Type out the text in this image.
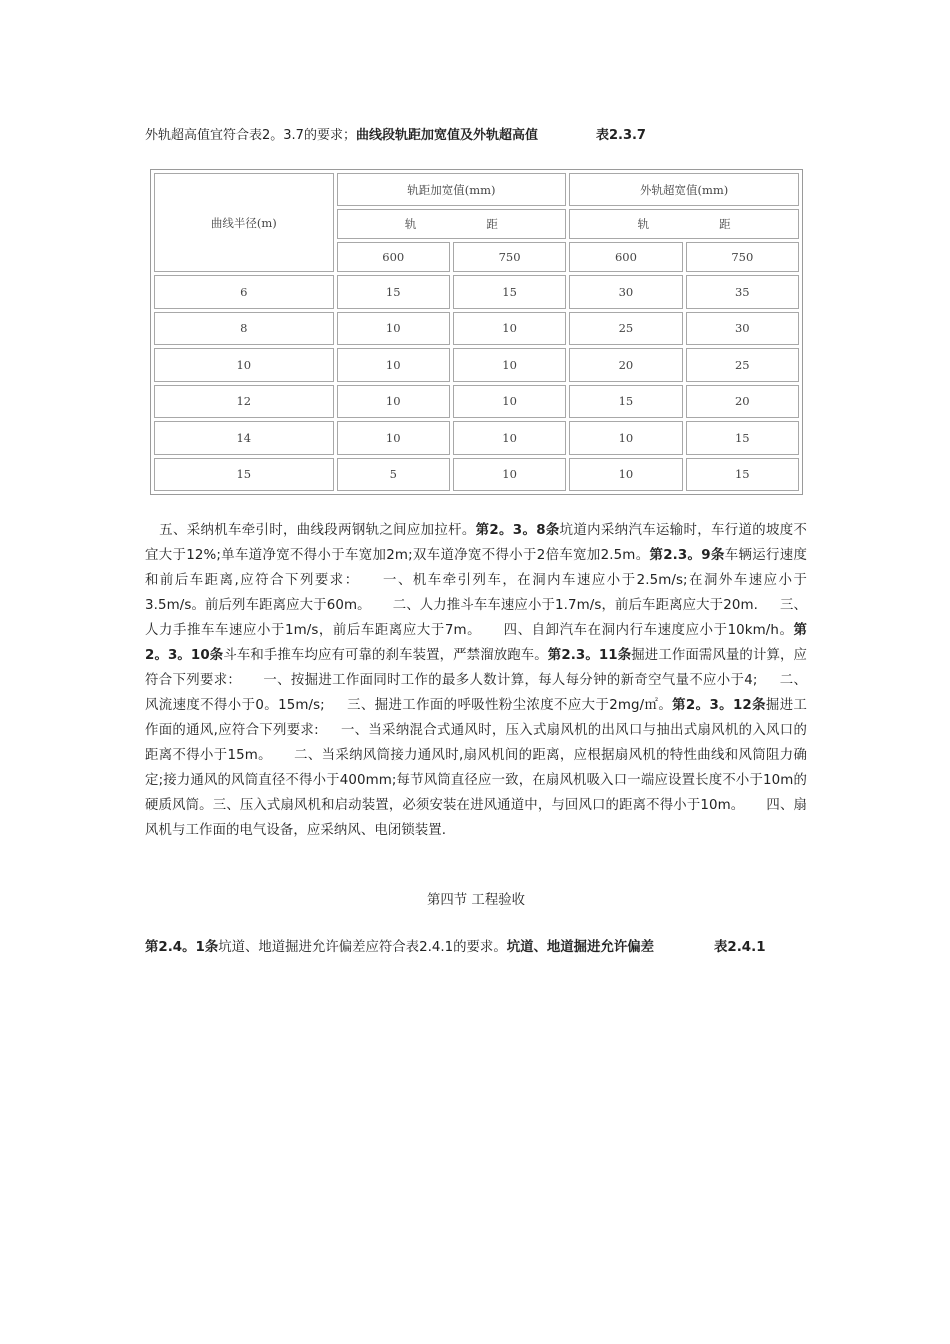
外轨超高值宜符合表2。3.7的要求；曲线段轨距加宽值及外轨超高值	表2.3.7
曲线半径(m)	轨距加宽值(mm)		外轨超宽值(mm)	
	轨 距		轨 距	
	600	750	600	750
6	15	15	30	35
8	10	10	25	30
10	10	10	20	25
12	10	10	15	20
14	10	10	10	15
15	5	10	10	15
五、采纳机车牵引时，曲线段两钢轨之间应加拉杆。第2。3。8条坑道内采纳汽车运输时，车行道的坡度不宜大于12%;单车道净宽不得小于车宽加2m;双车道净宽不得小于2倍车宽加2.5m。第2.3。9条车辆运行速度和前后车距离,应符合下列要求： 一、机车牵引列车，在洞内车速应小于2.5m/s;在洞外车速应小于3.5m/s。前后列车距离应大于60m。 二、人力推斗车车速应小于1.7m/s，前后车距离应大于20m. 三、人力手推车车速应小于1m/s，前后车距离应大于7m。 四、自卸汽车在洞内行车速度应小于10km/h。第2。3。10条斗车和手推车均应有可靠的刹车装置，严禁溜放跑车。第2.3。11条掘进工作面需风量的计算，应符合下列要求： 一、按掘进工作面同时工作的最多人数计算，每人每分钟的新奇空气量不应小于4; 二、风流速度不得小于0。15m/s; 三、掘进工作面的呼吸性粉尘浓度不应大于2mg/㎡。第2。3。12条掘进工作面的通风,应符合下列要求: 一、当采纳混合式通风时，压入式扇风机的出风口与抽出式扇风机的入风口的距离不得小于15m。 二、当采纳风筒接力通风时,扇风机间的距离，应根据扇风机的特性曲线和风筒阻力确定;接力通风的风筒直径不得小于400mm;每节风筒直径应一致，在扇风机吸入口一端应设置长度不小于10m的硬质风筒。三、压入式扇风机和启动装置，必须安装在进风通道中，与回风口的距离不得小于10m。 四、扇风机与工作面的电气设备，应采纳风、电闭锁装置.
第四节 工程验收
第2.4。1条坑道、地道掘进允许偏差应符合表2.4.1的要求。坑道、地道掘进允许偏差	表2.4.1
